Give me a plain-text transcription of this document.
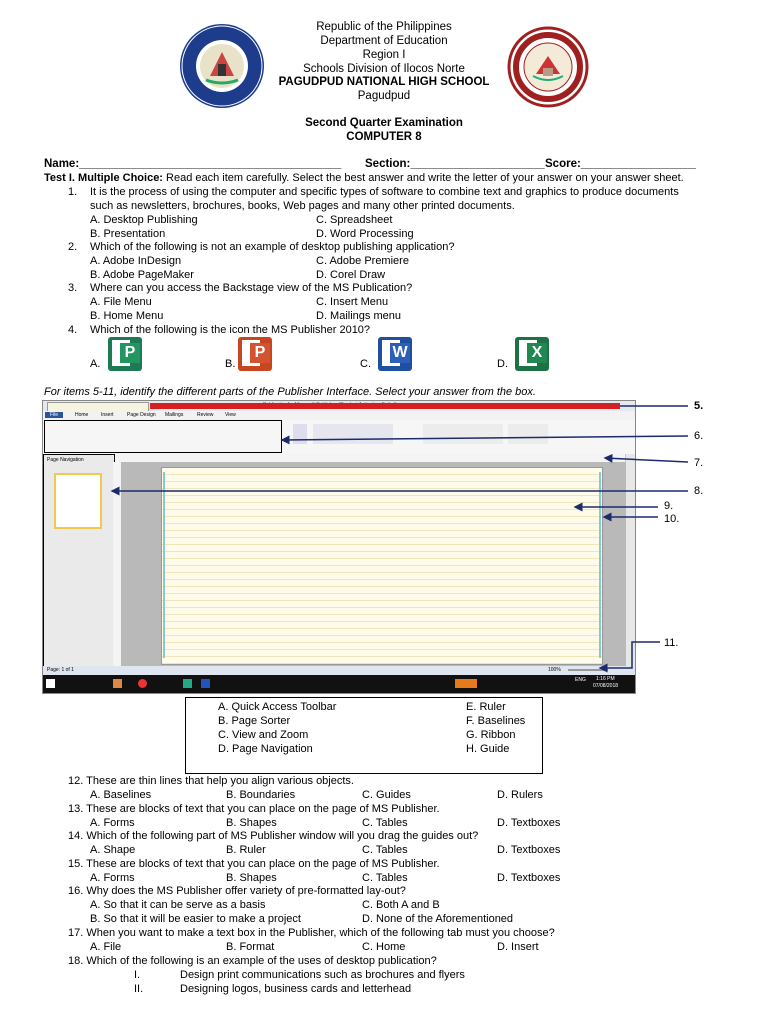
Republic of the Philippines
Department of Education
Region I
Schools Division of Ilocos Norte
PAGUDPUD NATIONAL HIGH SCHOOL
Pagudpud
Second Quarter Examination
COMPUTER 8
Name:_________________________________________ Section:_____________________ Score:__________________
Test I. Multiple Choice: Read each item carefully. Select the best answer and write the letter of your answer on your answer sheet.
1. It is the process of using the computer and specific types of software to combine text and graphics to produce documents
such as newsletters, brochures, books, Web pages and many other printed documents.
A. Desktop Publishing	C. Spreadsheet
B. Presentation	D. Word Processing
2. Which of the following is not an example of desktop publishing application?
A. Adobe InDesign	C. Adobe Premiere
B. Adobe PageMaker	D. Corel Draw
3. Where can you access the Backstage view of the MS Publication?
A. File Menu	C. Insert Menu
B. Home Menu	D. Mailings menu
4. Which of the following is the icon the MS Publisher 2010?
A.
P
B.
P
C.
W
D.
X
For items 5-11, identify the different parts of the Publisher Interface. Select your answer from the box.
File	Home	Insert	Page Design Mailings	Review View
Page Navigation
Page: 1 of 1	100%
ENG 1:16 PM
07/08/2018
5.
6.
7.
8.
9.
10.
11.
A. Quick Access Toolbar	E. Ruler
B. Page Sorter	F. Baselines
C. View and Zoom	G. Ribbon
D. Page Navigation	H. Guide
12. These are thin lines that help you align various objects.
A. Baselines	B. Boundaries	C. Guides	D. Rulers
13. These are blocks of text that you can place on the page of MS Publisher.
A. Forms	B. Shapes	C. Tables	D. Textboxes
14. Which of the following part of MS Publisher window will you drag the guides out?
A. Shape	B. Ruler	C. Tables	D. Textboxes
15. These are blocks of text that you can place on the page of MS Publisher.
A. Forms	B. Shapes	C. Tables	D. Textboxes
16. Why does the MS Publisher offer variety of pre-formatted lay-out?
A. So that it can be serve as a basis	C. Both A and B
B. So that it will be easier to make a project	D. None of the Aforementioned
17. When you want to make a text box in the Publisher, which of the following tab must you choose?
A. File	B. Format	C. Home	D. Insert
18. Which of the following is an example of the uses of desktop publication?
I.	Design print communications such as brochures and flyers
II.	Designing logos, business cards and letterhead
